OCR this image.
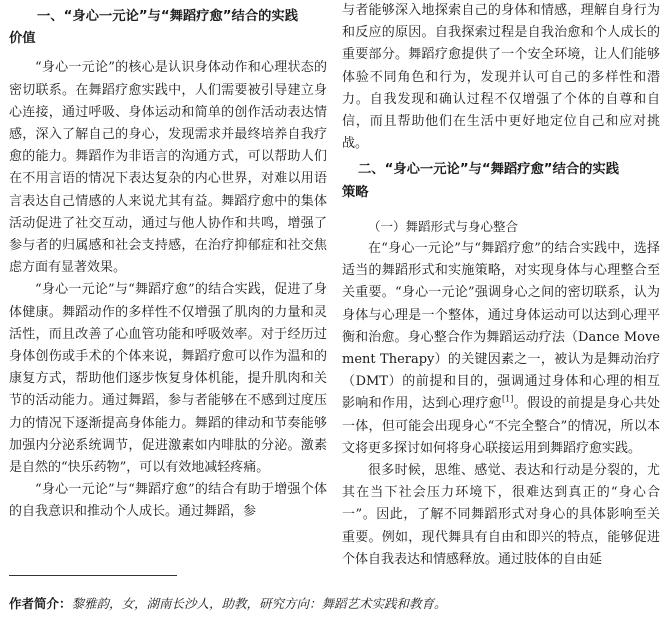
一、“身心一元论”与“舞蹈疗愈”结合的实践
价值

“身心一元论”的核心是认识身体动作和心理状态的密切联系。在舞蹈疗愈实践中，人们需要被引导建立身心连接，通过呼吸、身体运动和简单的创作活动表达情感，深入了解自己的身心，发现需求并最终培养自我疗愈的能力。舞蹈作为非语言的沟通方式，可以帮助人们在不用言语的情况下表达复杂的内心世界，对难以用语言表达自己情感的人来说尤其有益。舞蹈疗愈中的集体活动促进了社交互动，通过与他人协作和共鸣，增强了参与者的归属感和社会支持感，在治疗抑郁症和社交焦虑方面有显著效果。

“身心一元论”与“舞蹈疗愈”的结合实践，促进了身体健康。舞蹈动作的多样性不仅增强了肌肉的力量和灵活性，而且改善了心血管功能和呼吸效率。对于经历过身体创伤或手术的个体来说，舞蹈疗愈可以作为温和的康复方式，帮助他们逐步恢复身体机能，提升肌肉和关节的活动能力。通过舞蹈，参与者能够在不感到过度压力的情况下逐渐提高身体能力。舞蹈的律动和节奏能够加强内分泌系统调节，促进激素如内啡肽的分泌。激素是自然的“快乐药物”，可以有效地减轻疼痛。

“身心一元论”与“舞蹈疗愈”的结合有助于增强个体的自我意识和推动个人成长。通过舞蹈，参

与者能够深入地探索自己的身体和情感，理解自身行为和反应的原因。自我探索过程是自我治愈和个人成长的重要部分。舞蹈疗愈提供了一个安全环境，让人们能够体验不同角色和行为，发现并认可自己的多样性和潜力。自我发现和确认过程不仅增强了个体的自尊和自信，而且帮助他们在生活中更好地定位自己和应对挑战。

二、“身心一元论”与“舞蹈疗愈”结合的实践
策略
（一）舞蹈形式与身心整合

在“身心一元论”与“舞蹈疗愈”的结合实践中，选择适当的舞蹈形式和实施策略，对实现身体与心理整合至关重要。“身心一元论”强调身心之间的密切联系，认为身体与心理是一个整体，通过身体运动可以达到心理平衡和治愈。身心整合作为舞蹈运动疗法（Dance Movement Therapy）的关键因素之一，被认为是舞动治疗（DMT）的前提和目的，强调通过身体和心理的相互影响和作用，达到心理疗愈[1]。假设的前提是身心共处一体，但可能会出现身心“不完全整合”的情况，所以本文将更多探讨如何将身心联接运用到舞蹈疗愈实践。

很多时候，思维、感觉、表达和行动是分裂的，尤其在当下社会压力环境下，很难达到真正的“身心合一”。因此，了解不同舞蹈形式对身心的具体影响至关重要。例如，现代舞具有自由和即兴的特点，能够促进个体自我表达和情感释放。通过肢体的自由延

作者简介：黎雅韵，女，湖南长沙人，助教，研究方向：舞蹈艺术实践和教育。
